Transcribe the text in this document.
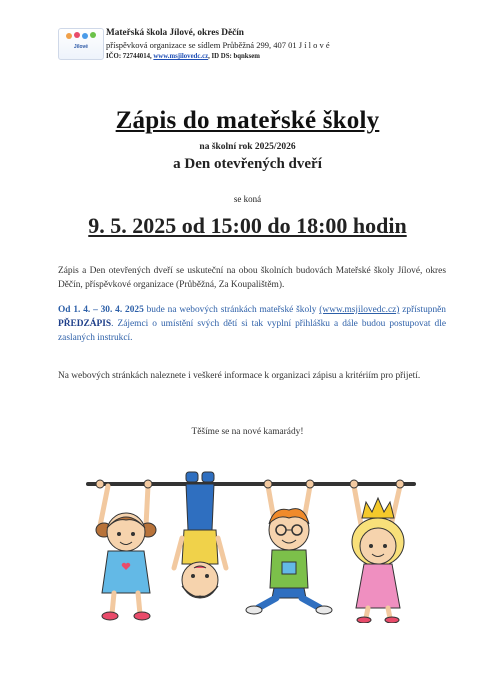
Jílové
Mateřská škola Jílové, okres Děčín
příspěvková organizace se sídlem Průběžná 299, 407 01 J í l o v é
IČO: 72744014, www.msjilovedc.cz, ID DS: bqnksem
Zápis do mateřské školy
na školní rok 2025/2026
a Den otevřených dveří
se koná
9. 5. 2025 od 15:00 do 18:00 hodin
Zápis a Den otevřených dveří se uskuteční na obou školních budovách Mateřské školy Jílové, okres Děčín, příspěvkové organizace (Průběžná, Za Koupalištěm).
Od 1. 4. – 30. 4. 2025 bude na webových stránkách mateřské školy (www.msjilovedc.cz) zpřístupněn PŘEDZÁPIS. Zájemci o umístění svých dětí si tak vyplní přihlášku a dále budou postupovat dle zaslaných instrukcí.
Na webových stránkách naleznete i veškeré informace k organizaci zápisu a kritériím pro přijetí.
Těšíme se na nové kamarády!
